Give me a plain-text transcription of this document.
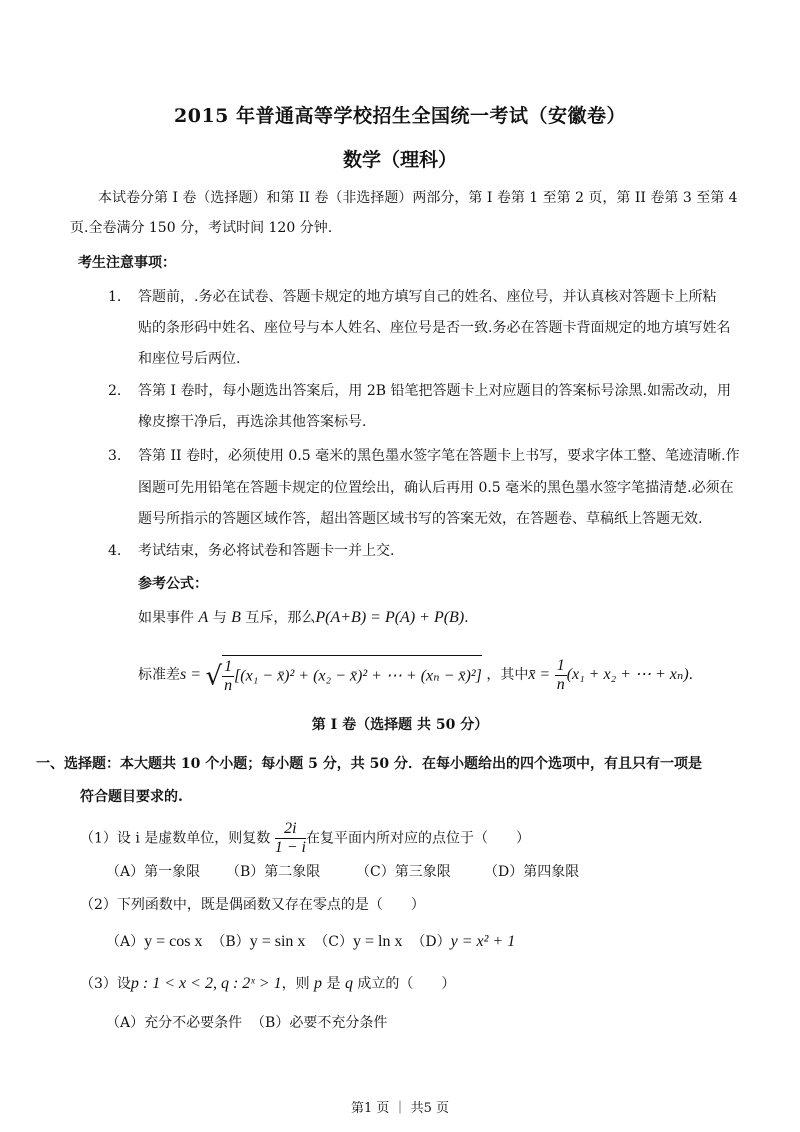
2015 年普通高等学校招生全国统一考试（安徽卷）
数学（理科）
本试卷分第 I 卷（选择题）和第 II 卷（非选择题）两部分，第 I 卷第 1 至第 2 页，第 II 卷第 3 至第 4
页.全卷满分 150 分，考试时间 120 分钟.
考生注意事项：
1. 答题前，.务必在试卷、答题卡规定的地方填写自己的姓名、座位号，并认真核对答题卡上所粘
贴的条形码中姓名、座位号与本人姓名、座位号是否一致.务必在答题卡背面规定的地方填写姓名
和座位号后两位.
2. 答第 I 卷时，每小题选出答案后，用 2B 铅笔把答题卡上对应题目的答案标号涂黑.如需改动，用
橡皮擦干净后，再选涂其他答案标号.
3. 答第 II 卷时，必须使用 0.5 毫米的黑色墨水签字笔在答题卡上书写，要求字体工整、笔迹清晰.作
图题可先用铅笔在答题卡规定的位置绘出，确认后再用 0.5 毫米的黑色墨水签字笔描清楚.必须在
题号所指示的答题区域作答，超出答题区域书写的答案无效，在答题卷、草稿纸上答题无效.
4. 考试结束，务必将试卷和答题卡一并上交.
参考公式：
如果事件 A 与 B 互斥，那么P(A+B) = P(A) + P(B).
标准差s = √ $\frac{1}{n} [(x_1$ − x̄)² + (x₂ − x̄)² + ⋯ + (xₙ − x̄)²] ，其中x̄ = $\frac{1}{n} (x_1 + x_2$ + ⋯ + xₙ).
第 I 卷（选择题 共 50 分）
一、选择题：本大题共 10 个小题；每小题 5 分，共 50 分．在每小题给出的四个选项中，有且只有一项是
符合题目要求的.
（1）设 i 是虚数单位，则复数 $\frac{2i}{1 - i}$ 在复平面内所对应的点位于（　　）
（A）第一象限 （B）第二象限	（C）第三象限 （D）第四象限
（2）下列函数中，既是偶函数又存在零点的是（　　）
（A）y = cos x （B）y = sin x （C）y = ln x （D）y = x² + 1
（3）设p : 1 < x < 2, q : 2ˣ > 1，则 p 是 q 成立的（　　）
（A）充分不必要条件 （B）必要不充分条件
第1 页 ｜ 共5 页
